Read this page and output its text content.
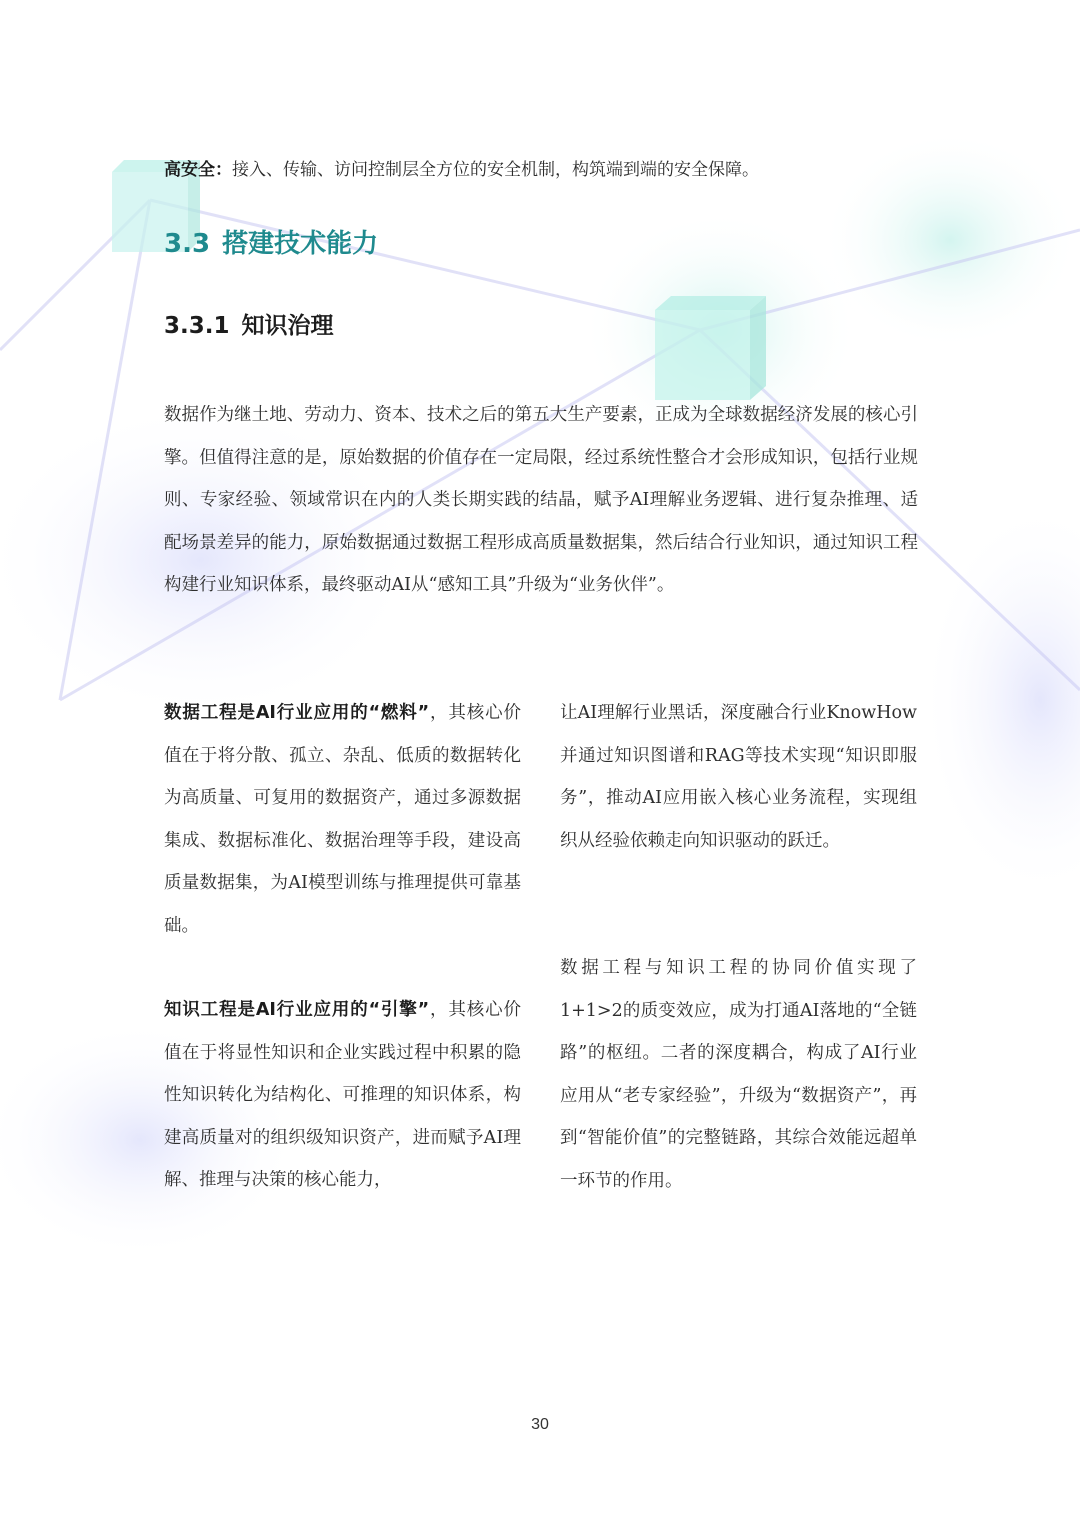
高安全：接入、传输、访问控制层全方位的安全机制，构筑端到端的安全保障。

3.3 搭建技术能力
3.3.1 知识治理

数据作为继土地、劳动力、资本、技术之后的第五大生产要素，正成为全球数据经济发展的核心引擎。但值得注意的是，原始数据的价值存在一定局限，经过系统性整合才会形成知识，包括行业规则、专家经验、领域常识在内的人类长期实践的结晶，赋予AI理解业务逻辑、进行复杂推理、适配场景差异的能力，原始数据通过数据工程形成高质量数据集，然后结合行业知识，通过知识工程构建行业知识体系，最终驱动AI从“感知工具”升级为“业务伙伴”。

数据工程是AI行业应用的“燃料”，其核心价值在于将分散、孤立、杂乱、低质的数据转化为高质量、可复用的数据资产，通过多源数据集成、数据标准化、数据治理等手段，建设高质量数据集，为AI模型训练与推理提供可靠基础。

知识工程是AI行业应用的“引擎”，其核心价值在于将显性知识和企业实践过程中积累的隐性知识转化为结构化、可推理的知识体系，构建高质量对的组织级知识资产，进而赋予AI理解、推理与决策的核心能力，

让AI理解行业黑话，深度融合行业KnowHow并通过知识图谱和RAG等技术实现“知识即服务”，推动AI应用嵌入核心业务流程，实现组织从经验依赖走向知识驱动的跃迁。

数据工程与知识工程的协同价值实现了1+1>2的质变效应，成为打通AI落地的“全链路”的枢纽。二者的深度耦合，构成了AI行业应用从“老专家经验”，升级为“数据资产”，再到“智能价值”的完整链路，其综合效能远超单一环节的作用。

30
